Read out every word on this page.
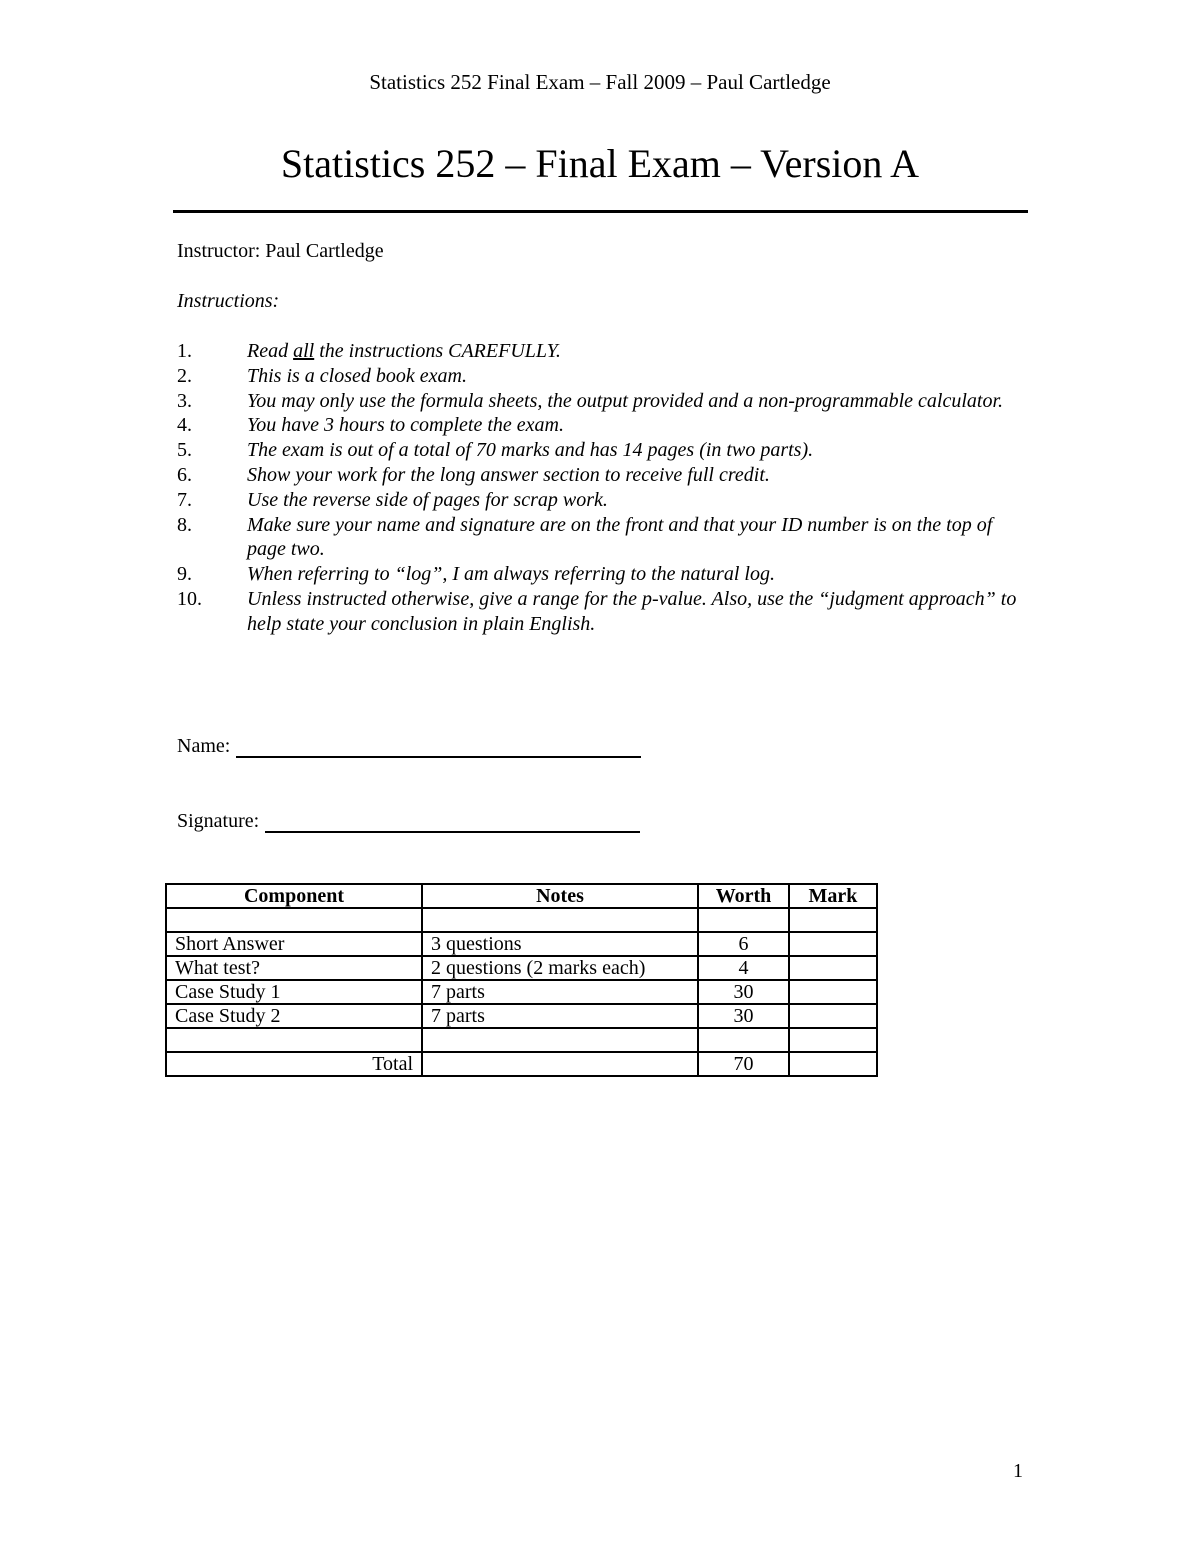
Statistics 252 Final Exam – Fall 2009 – Paul Cartledge
Statistics 252 – Final Exam – Version A
Instructor: Paul Cartledge
Instructions:
1.	Read all the instructions CAREFULLY.
2.	This is a closed book exam.
3.	You may only use the formula sheets, the output provided and a non-programmable calculator.
4.	You have 3 hours to complete the exam.
5.	The exam is out of a total of 70 marks and has 14 pages (in two parts).
6.	Show your work for the long answer section to receive full credit.
7.	Use the reverse side of pages for scrap work.
8.	Make sure your name and signature are on the front and that your ID number is on the top of page two.
9.	When referring to “log”, I am always referring to the natural log.
10.	Unless instructed otherwise, give a range for the p-value. Also, use the “judgment approach” to help state your conclusion in plain English.
Name:
Signature:
Component	Notes	Worth	Mark

Short Answer	3 questions	6	
What test?	2 questions (2 marks each)	4	
Case Study 1	7 parts	30	
Case Study 2	7 parts	30	

Total		70	
1
